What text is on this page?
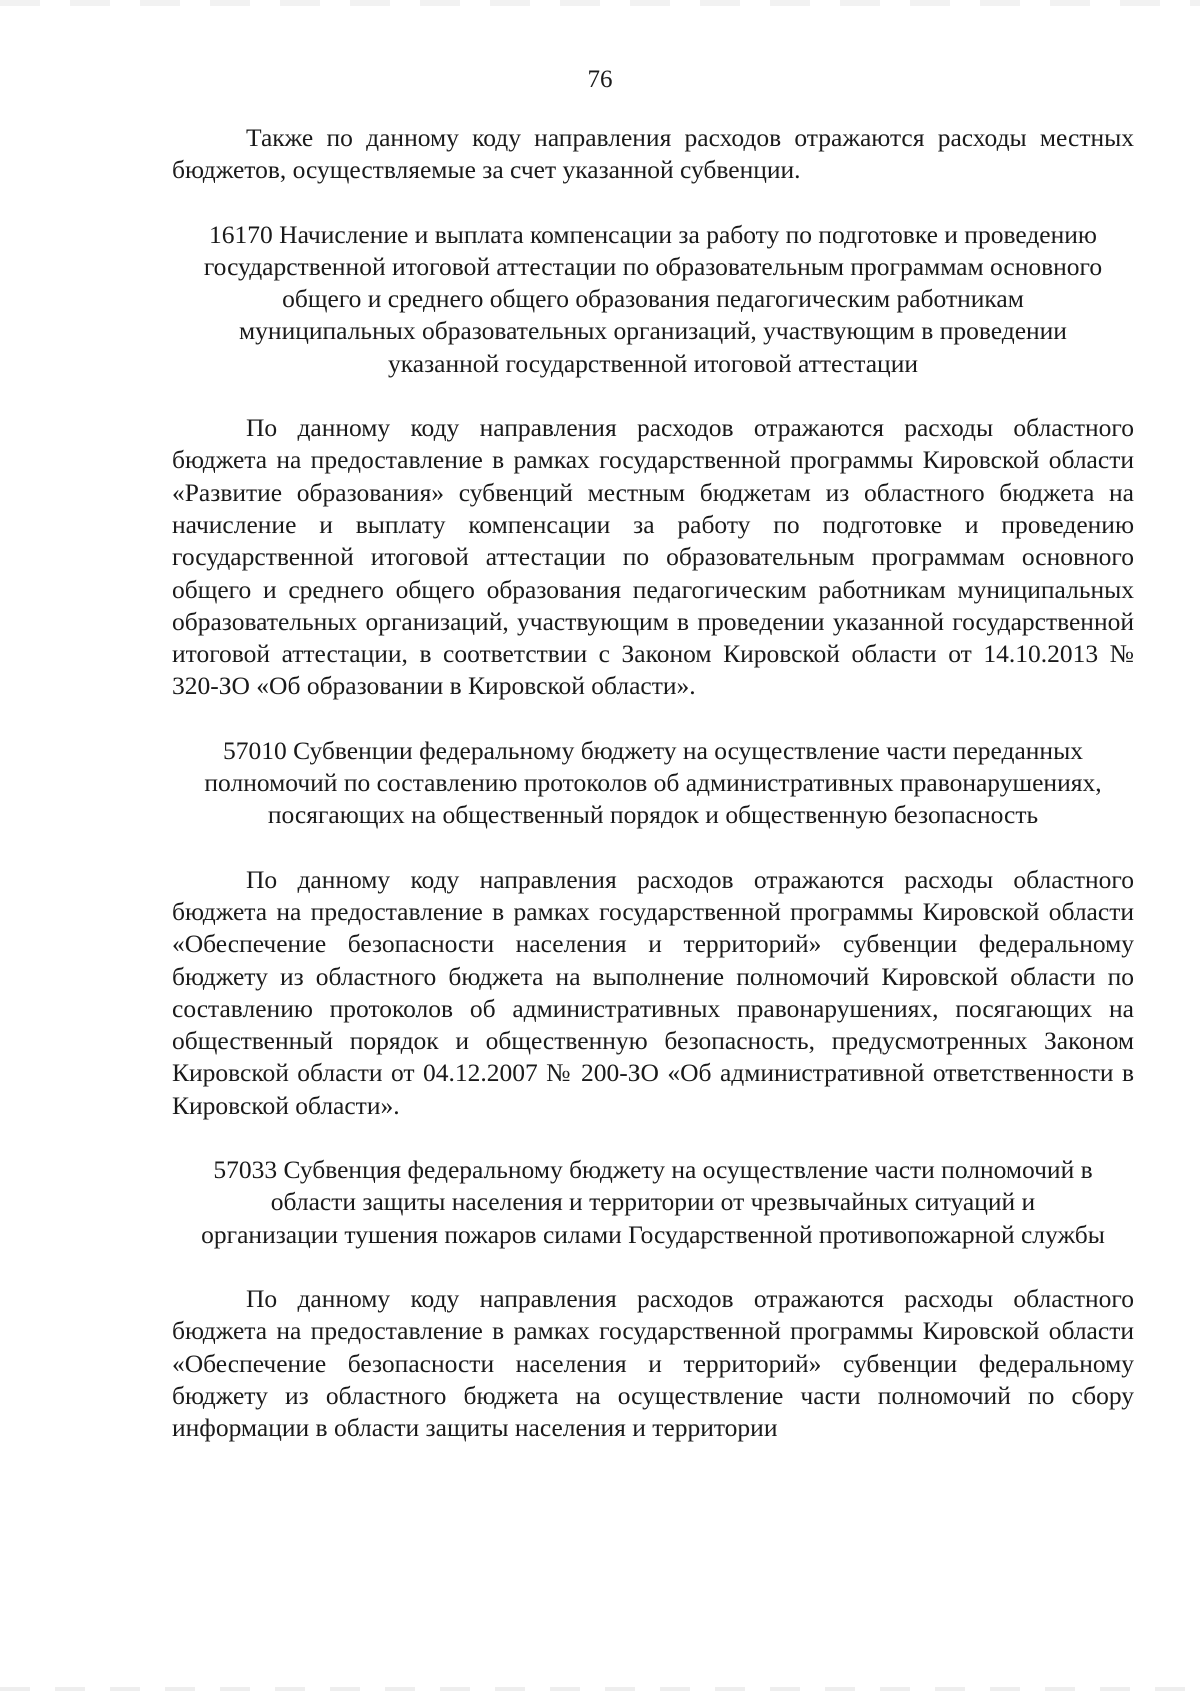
76

Также по данному коду направления расходов отражаются расходы местных бюджетов, осуществляемые за счет указанной субвенции.

16170 Начисление и выплата компенсации за работу по подготовке и проведению государственной итоговой аттестации по образовательным программам основного общего и среднего общего образования педагогическим работникам муниципальных образовательных организаций, участвующим в проведении указанной государственной итоговой аттестации

По данному коду направления расходов отражаются расходы областного бюджета на предоставление в рамках государственной программы Кировской области «Развитие образования» субвенций местным бюджетам из областного бюджета на начисление и выплату компенсации за работу по подготовке и проведению государственной итоговой аттестации по образовательным программам основного общего и среднего общего образования педагогическим работникам муниципальных образовательных организаций, участвующим в проведении указанной государственной итоговой аттестации, в соответствии с Законом Кировской области от 14.10.2013 № 320-ЗО «Об образовании в Кировской области».

57010 Субвенции федеральному бюджету на осуществление части переданных полномочий по составлению протоколов об административных правонарушениях, посягающих на общественный порядок и общественную безопасность

По данному коду направления расходов отражаются расходы областного бюджета на предоставление в рамках государственной программы Кировской области «Обеспечение безопасности населения и территорий» субвенции федеральному бюджету из областного бюджета на выполнение полномочий Кировской области по составлению протоколов об административных правонарушениях, посягающих на общественный порядок и общественную безопасность, предусмотренных Законом Кировской области от 04.12.2007 № 200-ЗО «Об административной ответственности в Кировской области».

57033 Субвенция федеральному бюджету на осуществление части полномочий в области защиты населения и территории от чрезвычайных ситуаций и организации тушения пожаров силами Государственной противопожарной службы

По данному коду направления расходов отражаются расходы областного бюджета на предоставление в рамках государственной программы Кировской области «Обеспечение безопасности населения и территорий» субвенции федеральному бюджету из областного бюджета на осуществление части полномочий по сбору информации в области защиты населения и территории
